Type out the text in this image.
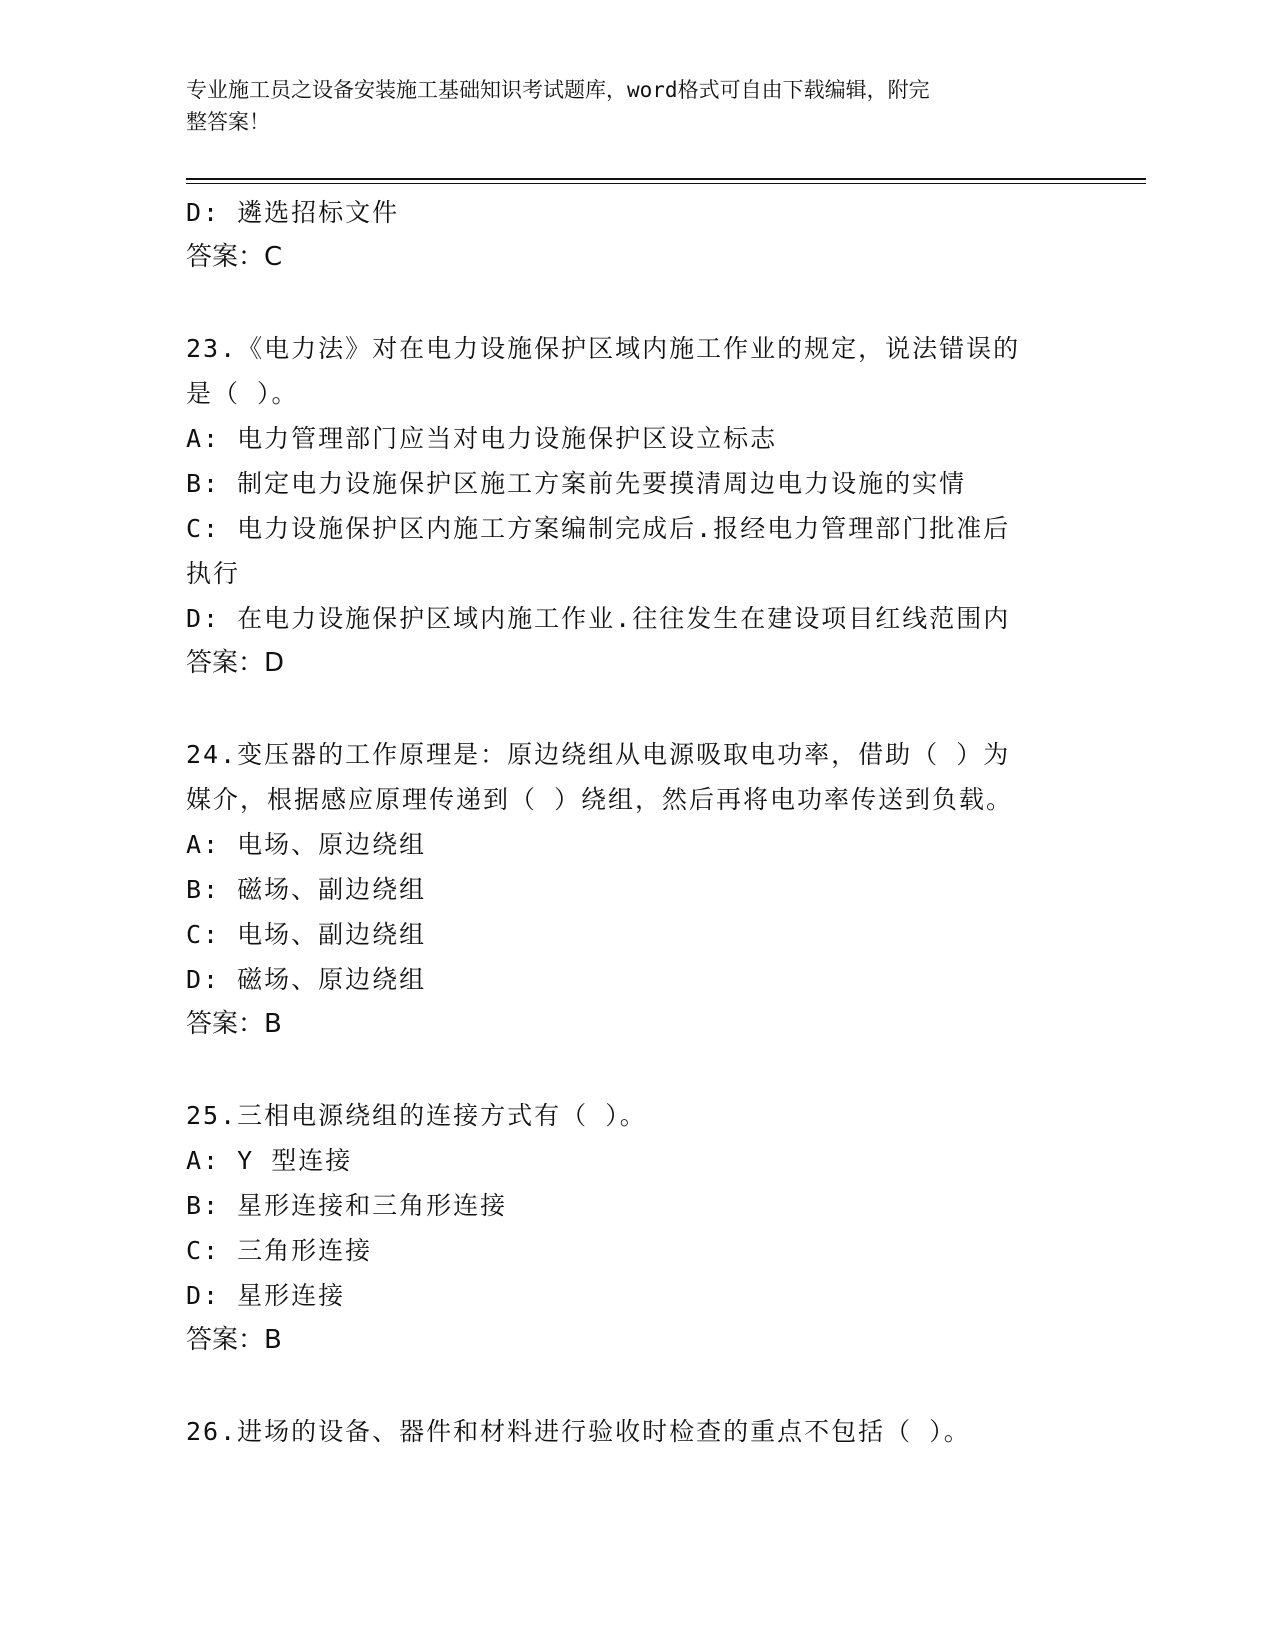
专业施工员之设备安装施工基础知识考试题库，word格式可自由下载编辑，附完
整答案！
D: 遴选招标文件
答案：C
23.《电力法》对在电力设施保护区域内施工作业的规定，说法错误的
是（ ）。
A: 电力管理部门应当对电力设施保护区设立标志
B: 制定电力设施保护区施工方案前先要摸清周边电力设施的实情
C: 电力设施保护区内施工方案编制完成后.报经电力管理部门批准后
执行
D: 在电力设施保护区域内施工作业.往往发生在建设项目红线范围内
答案：D
24.变压器的工作原理是：原边绕组从电源吸取电功率，借助（ ）为
媒介，根据感应原理传递到（ ）绕组，然后再将电功率传送到负载。
A: 电场、原边绕组
B: 磁场、副边绕组
C: 电场、副边绕组
D: 磁场、原边绕组
答案：B
25.三相电源绕组的连接方式有（ ）。
A: Y 型连接
B: 星形连接和三角形连接
C: 三角形连接
D: 星形连接
答案：B
26.进场的设备、器件和材料进行验收时检查的重点不包括（ ）。
